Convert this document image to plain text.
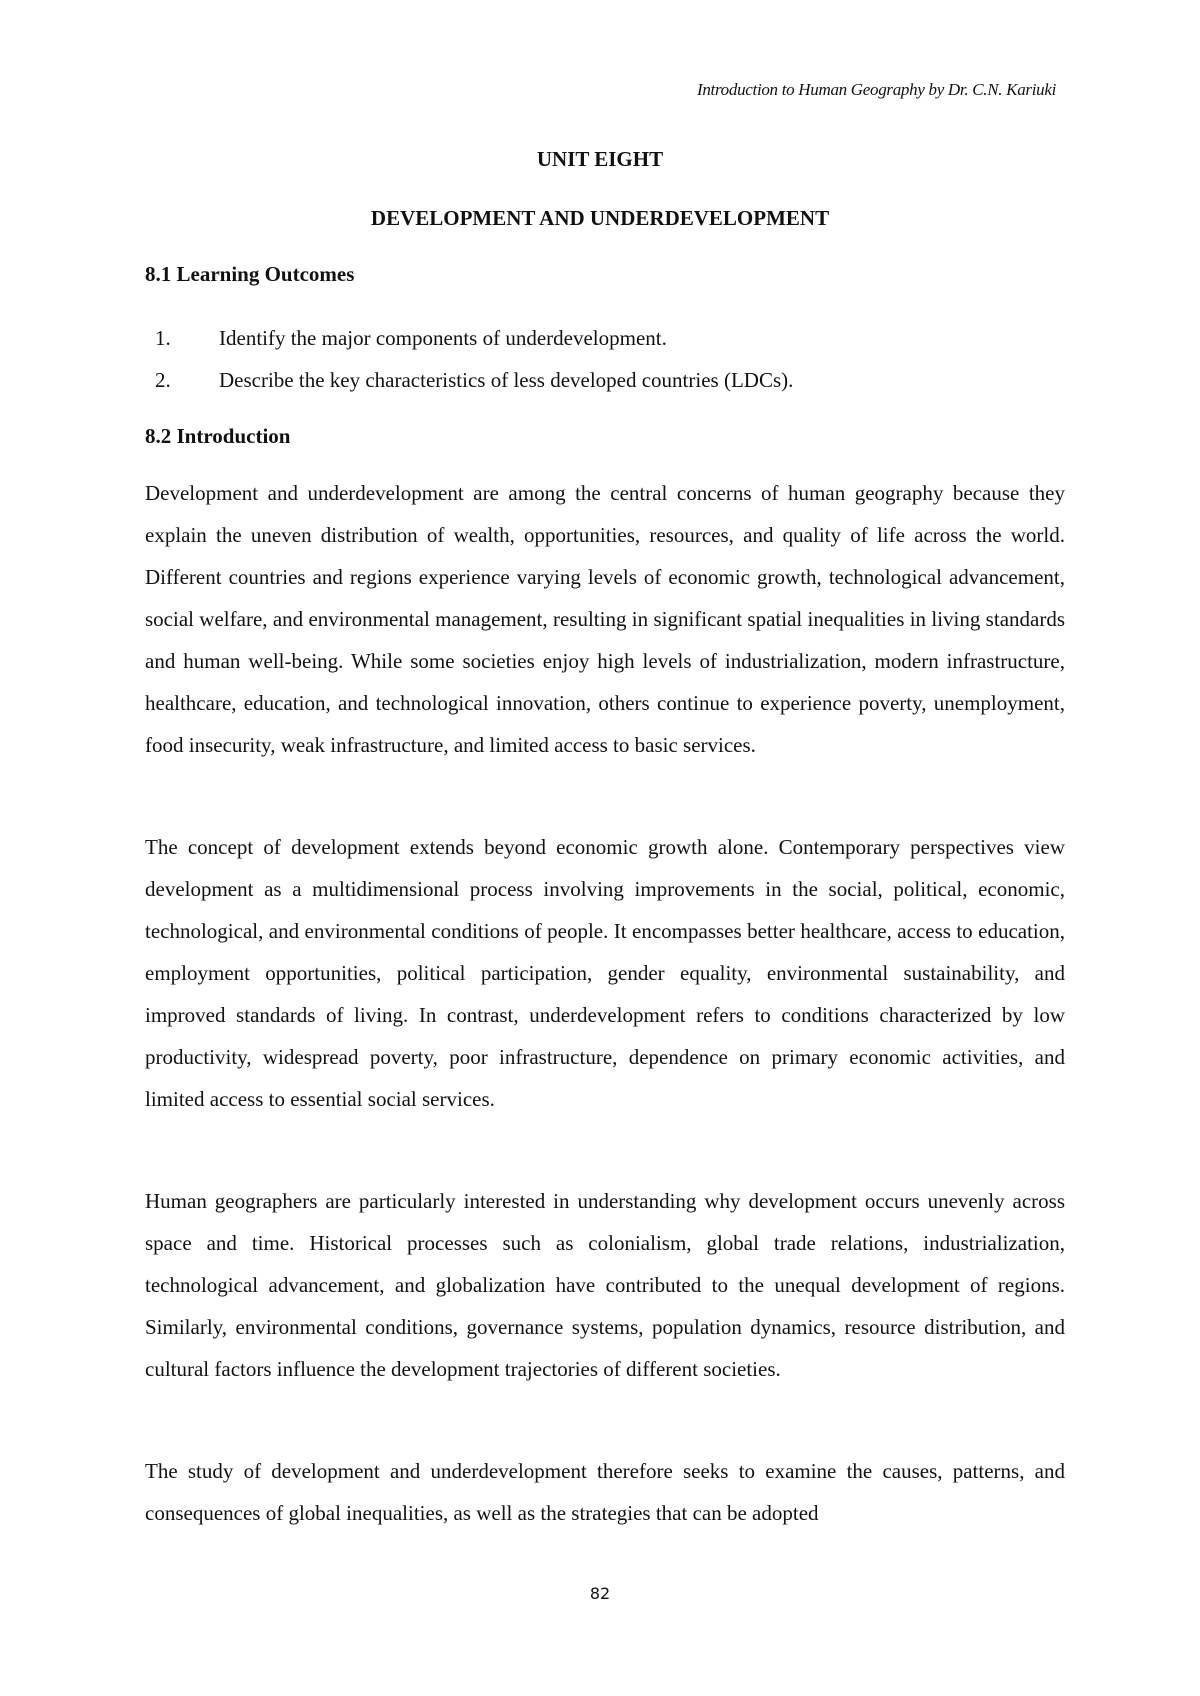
Introduction to Human Geography by Dr. C.N. Kariuki
UNIT EIGHT
DEVELOPMENT AND UNDERDEVELOPMENT
8.1 Learning Outcomes
1.	Identify the major components of underdevelopment.
2.	Describe the key characteristics of less developed countries (LDCs).
8.2 Introduction

Development and underdevelopment are among the central concerns of human geography because they explain the uneven distribution of wealth, opportunities, resources, and quality of life across the world. Different countries and regions experience varying levels of economic growth, technological advancement, social welfare, and environmental management, resulting in significant spatial inequalities in living standards and human well-being. While some societies enjoy high levels of industrialization, modern infrastructure, healthcare, education, and technological innovation, others continue to experience poverty, unemployment, food insecurity, weak infrastructure, and limited access to basic services.

The concept of development extends beyond economic growth alone. Contemporary perspectives view development as a multidimensional process involving improvements in the social, political, economic, technological, and environmental conditions of people. It encompasses better healthcare, access to education, employment opportunities, political participation, gender equality, environmental sustainability, and improved standards of living. In contrast, underdevelopment refers to conditions characterized by low productivity, widespread poverty, poor infrastructure, dependence on primary economic activities, and limited access to essential social services.

Human geographers are particularly interested in understanding why development occurs unevenly across space and time. Historical processes such as colonialism, global trade relations, industrialization, technological advancement, and globalization have contributed to the unequal development of regions. Similarly, environmental conditions, governance systems, population dynamics, resource distribution, and cultural factors influence the development trajectories of different societies.

The study of development and underdevelopment therefore seeks to examine the causes, patterns, and consequences of global inequalities, as well as the strategies that can be adopted

82
